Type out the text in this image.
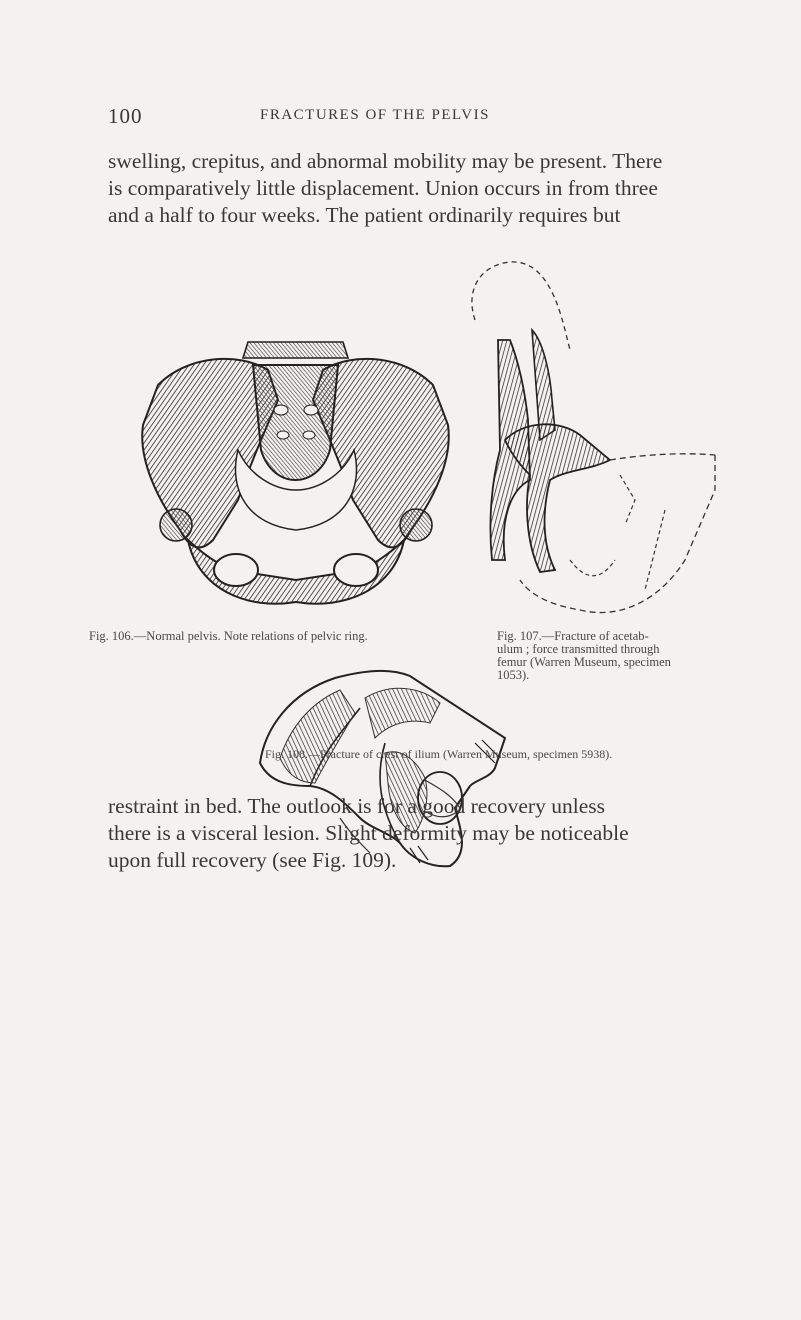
100	FRACTURES OF THE PELVIS
swelling, crepitus, and abnormal mobility may be present. There
is comparatively little displacement. Union occurs in from three
and a half to four weeks. The patient ordinarily requires but
Fig. 106.—Normal pelvis. Note relations of pelvic ring.	Fig. 107.—Fracture of acetab-
ulum ; force transmitted through
femur (Warren Museum, specimen
1053).
Fig. 108.—Fracture of crest of ilium (Warren Museum, specimen 5938).
restraint in bed. The outlook is for a good recovery unless
there is a visceral lesion. Slight deformity may be noticeable
upon full recovery (see Fig. 109).
